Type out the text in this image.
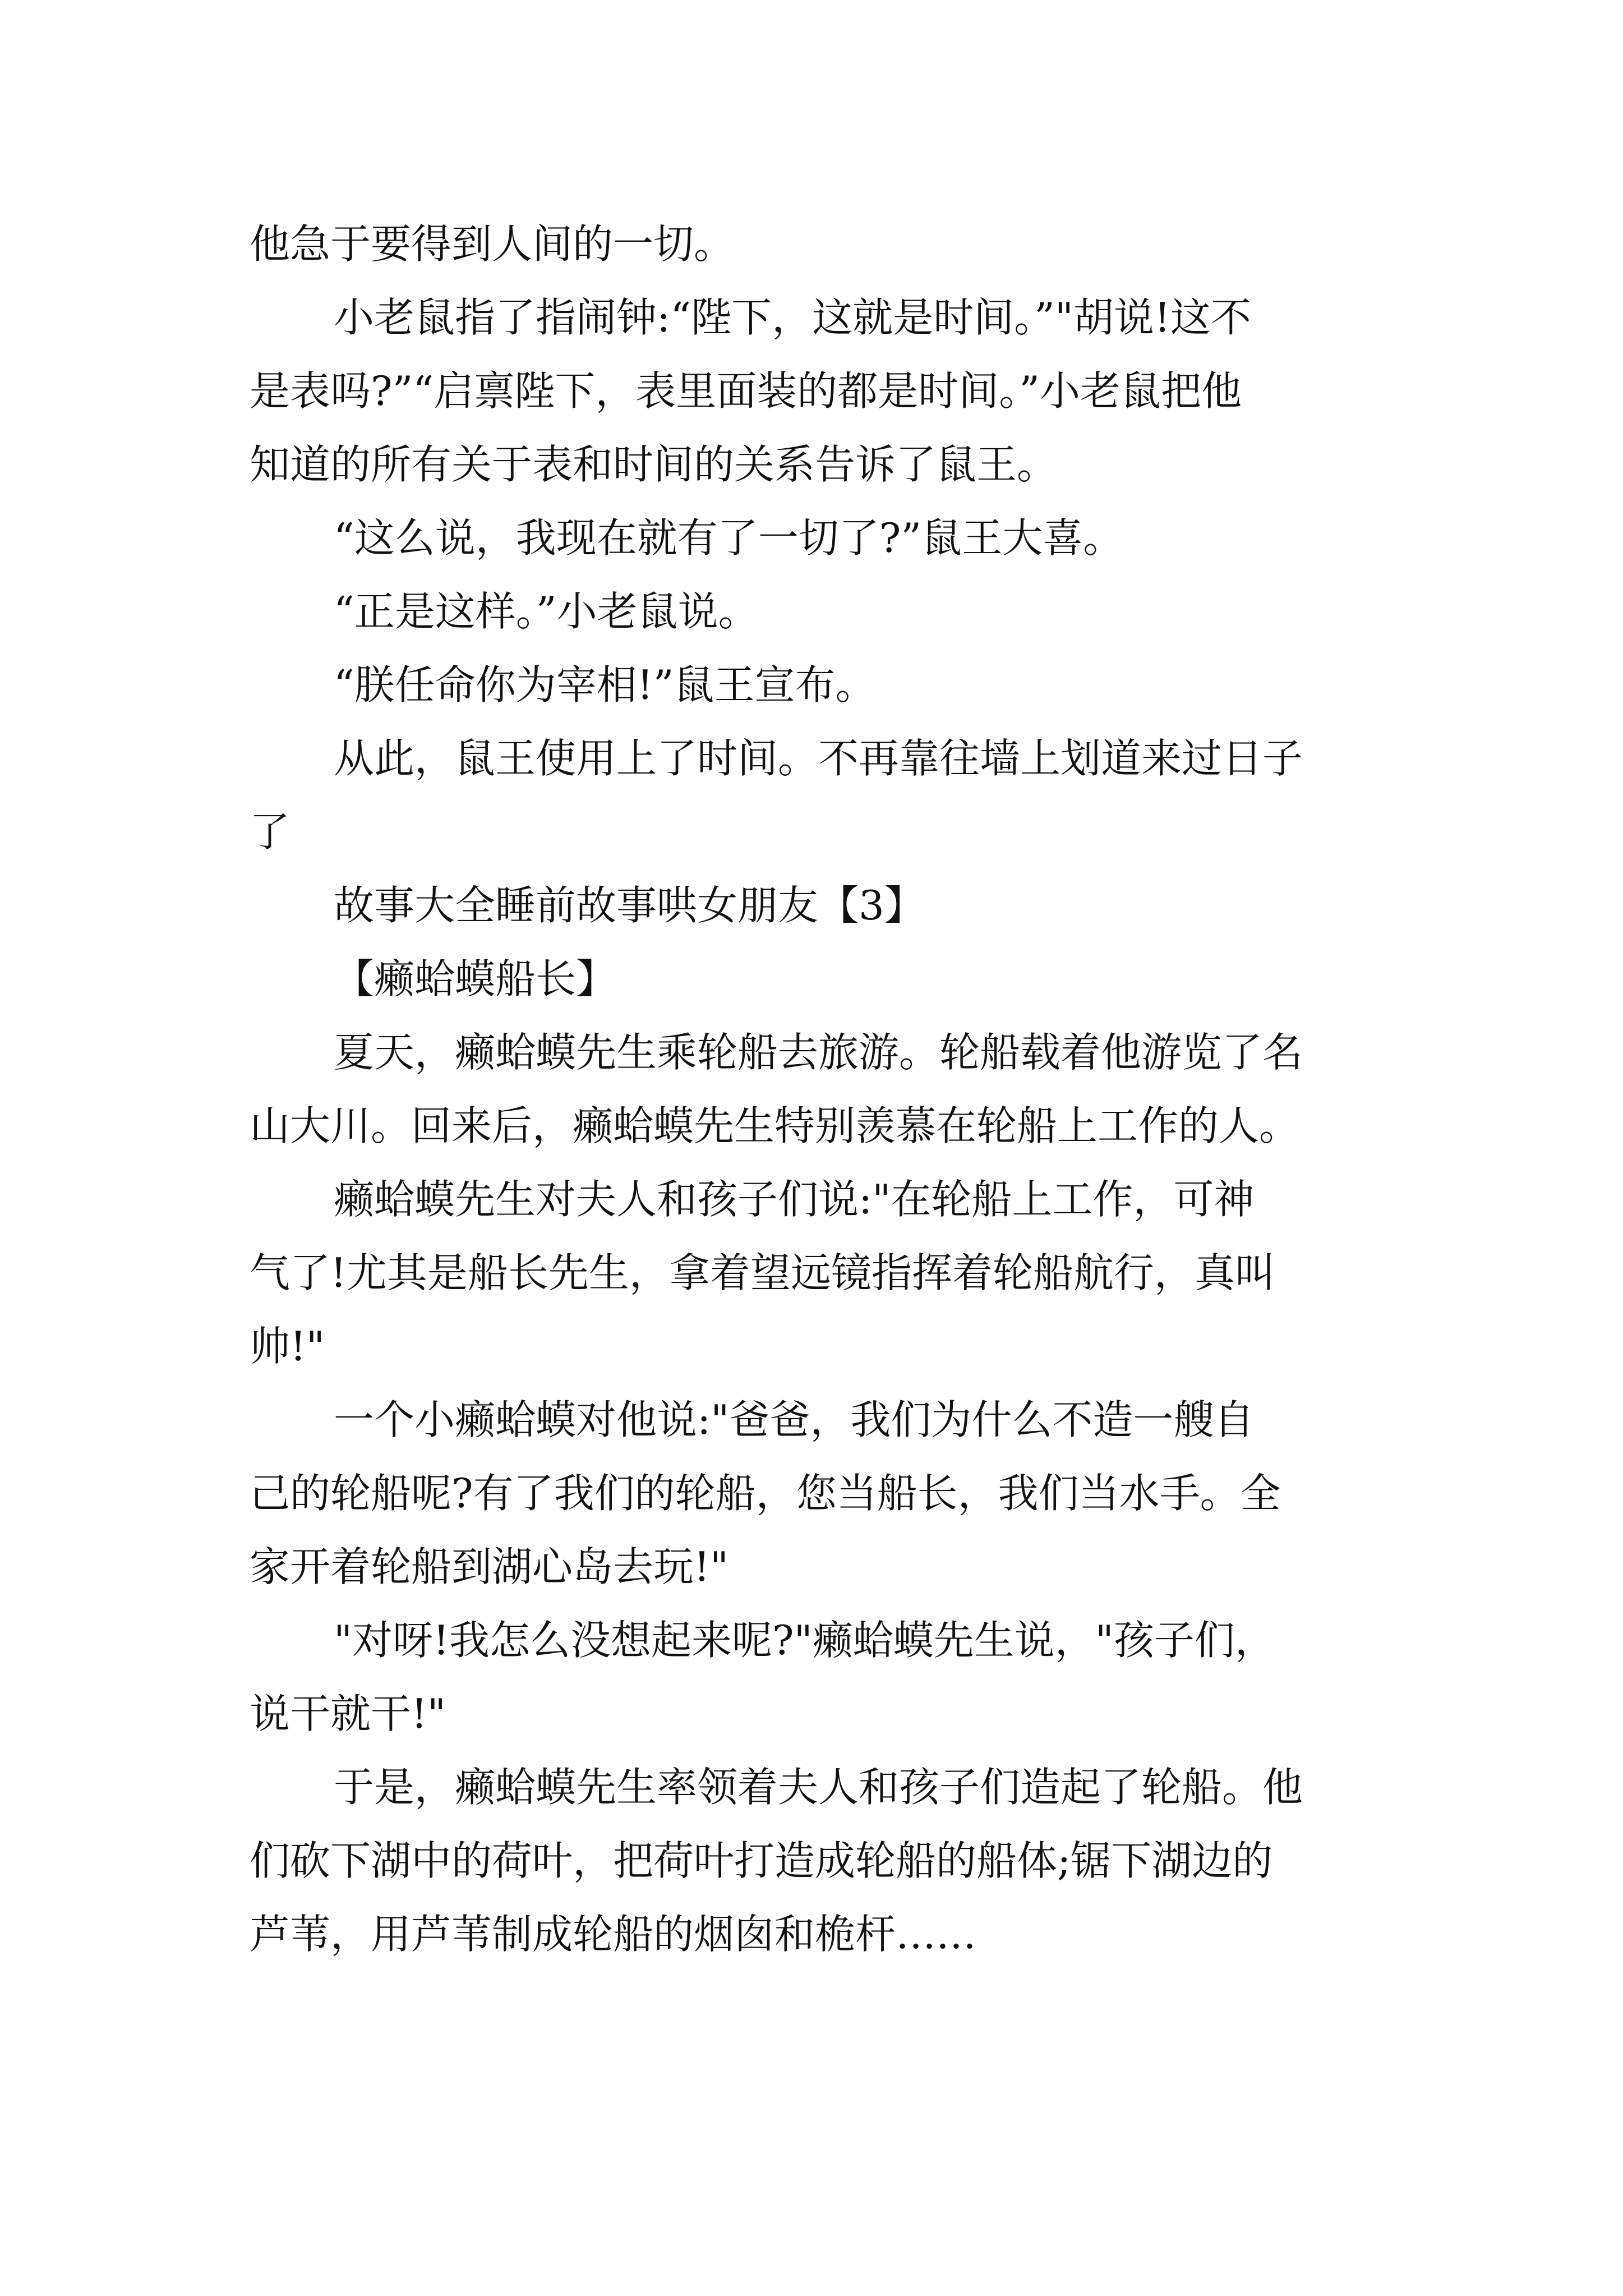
他急于要得到人间的一切。

小老鼠指了指闹钟:“陛下，这就是时间。”"胡说!这不

是表吗?”“启禀陛下，表里面装的都是时间。”小老鼠把他

知道的所有关于表和时间的关系告诉了鼠王。

“这么说，我现在就有了一切了?”鼠王大喜。

“正是这样。”小老鼠说。

“朕任命你为宰相!”鼠王宣布。

从此，鼠王使用上了时间。不再靠往墙上划道来过日子

了

故事大全睡前故事哄女朋友【3】

【癞蛤蟆船长】

夏天，癞蛤蟆先生乘轮船去旅游。轮船载着他游览了名

山大川。回来后，癞蛤蟆先生特别羡慕在轮船上工作的人。

癞蛤蟆先生对夫人和孩子们说:"在轮船上工作，可神

气了!尤其是船长先生，拿着望远镜指挥着轮船航行，真叫

帅!"

一个小癞蛤蟆对他说:"爸爸，我们为什么不造一艘自

己的轮船呢?有了我们的轮船，您当船长，我们当水手。全

家开着轮船到湖心岛去玩!"

"对呀!我怎么没想起来呢?"癞蛤蟆先生说，"孩子们，

说干就干!"

于是，癞蛤蟆先生率领着夫人和孩子们造起了轮船。他

们砍下湖中的荷叶，把荷叶打造成轮船的船体;锯下湖边的

芦苇，用芦苇制成轮船的烟囱和桅杆……
